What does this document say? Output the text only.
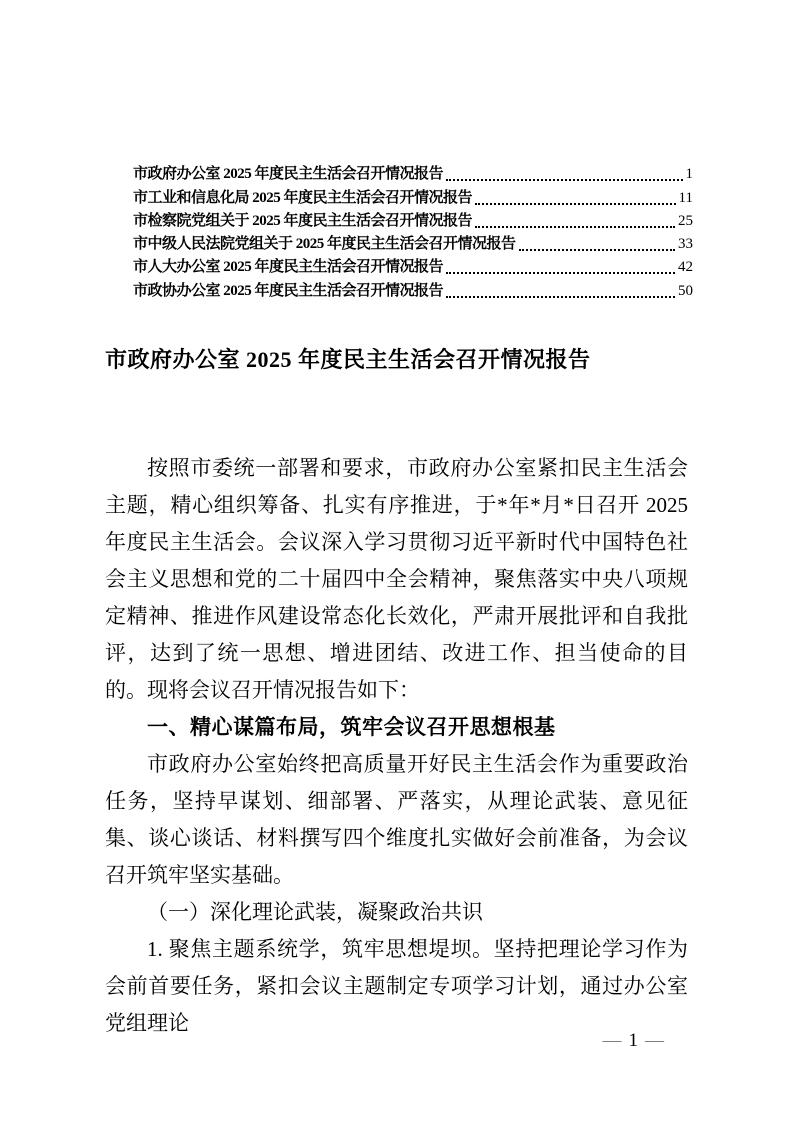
市政府办公室 2025 年度民主生活会召开情况报告	1
市工业和信息化局 2025 年度民主生活会召开情况报告	11
市检察院党组关于 2025 年度民主生活会召开情况报告	25
市中级人民法院党组关于 2025 年度民主生活会召开情况报告	33
市人大办公室 2025 年度民主生活会召开情况报告	42
市政协办公室 2025 年度民主生活会召开情况报告	50
市政府办公室 2025 年度民主生活会召开情况报告

按照市委统一部署和要求，市政府办公室紧扣民主生活会主题，精心组织筹备、扎实有序推进，于*年*月*日召开 2025 年度民主生活会。会议深入学习贯彻习近平新时代中国特色社会主义思想和党的二十届四中全会精神，聚焦落实中央八项规定精神、推进作风建设常态化长效化，严肃开展批评和自我批评，达到了统一思想、增进团结、改进工作、担当使命的目的。现将会议召开情况报告如下：

一、精心谋篇布局，筑牢会议召开思想根基

市政府办公室始终把高质量开好民主生活会作为重要政治任务，坚持早谋划、细部署、严落实，从理论武装、意见征集、谈心谈话、材料撰写四个维度扎实做好会前准备，为会议召开筑牢坚实基础。

（一）深化理论武装，凝聚政治共识

1. 聚焦主题系统学，筑牢思想堤坝。坚持把理论学习作为会前首要任务，紧扣会议主题制定专项学习计划，通过办公室党组理论

— 1 —
